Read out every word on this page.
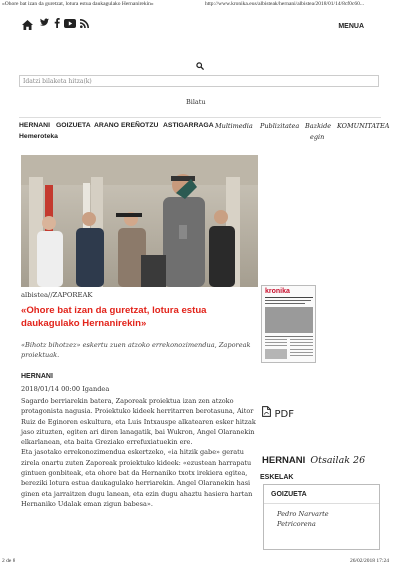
«Ohore bat izan da guretzat, lotura estua daukagulako Hernanirekin»	http://www.kronika.eus/albisteak/hernani/albistea/2018/01/14/8cf0c60...
2 de 8	26/02/2018 17:24
MENUA
Idatzi bilaketa hitza(k)
Bilatu
HERNANI GOIZUETA ARANO EREÑOTZU ASTIGARRAGA Multimedia Publizitatea Bazkide
egin
KOMUNITATEA
Hemeroteka
albistea//ZAPOREAK
«Ohore bat izan da guretzat, lotura estua daukagulako Hernanirekin»
«Bihotz bihotzez» eskertu zuen atzoko errekonozimendua, Zaporeak proiektuak.
HERNANI
2018/01/14 00:00 Igandea

Sagardo berriarekin batera, Zaporeak proiektua izan zen atzoko protagonista nagusia. Proiektuko kideek herritarren berotasuna, Aitor Ruiz de Eginoren eskultura, eta Luis Intxauspe alkatearen esker hitzak jaso zituzten, egiten ari diren lanagatik, bai Wukron, Angel Olaranekin elkarlanean, eta baita Greziako errefuxiatuekin ere.

Eta jasotako errekonozimendua eskertzeko, «ia hitzik gabe» geratu zirela onartu zuten Zaporeak proiektuko kideek: «ezustean harrapatu gintuen gonbiteak, eta ohore bat da Hernaniko txotx irekiera egitea, bereziki lotura estua daukagulako herriarekin. Angel Olaranekin hasi ginen eta jarraitzen dugu lanean, eta ezin dugu ahaztu hasiera hartan Hernaniko Udalak eman zigun babesa».

kronika
PDF
HERNANI Otsailak 26
ESKELAK
GOIZUETA
Pedro Narvarte
Petricorena
